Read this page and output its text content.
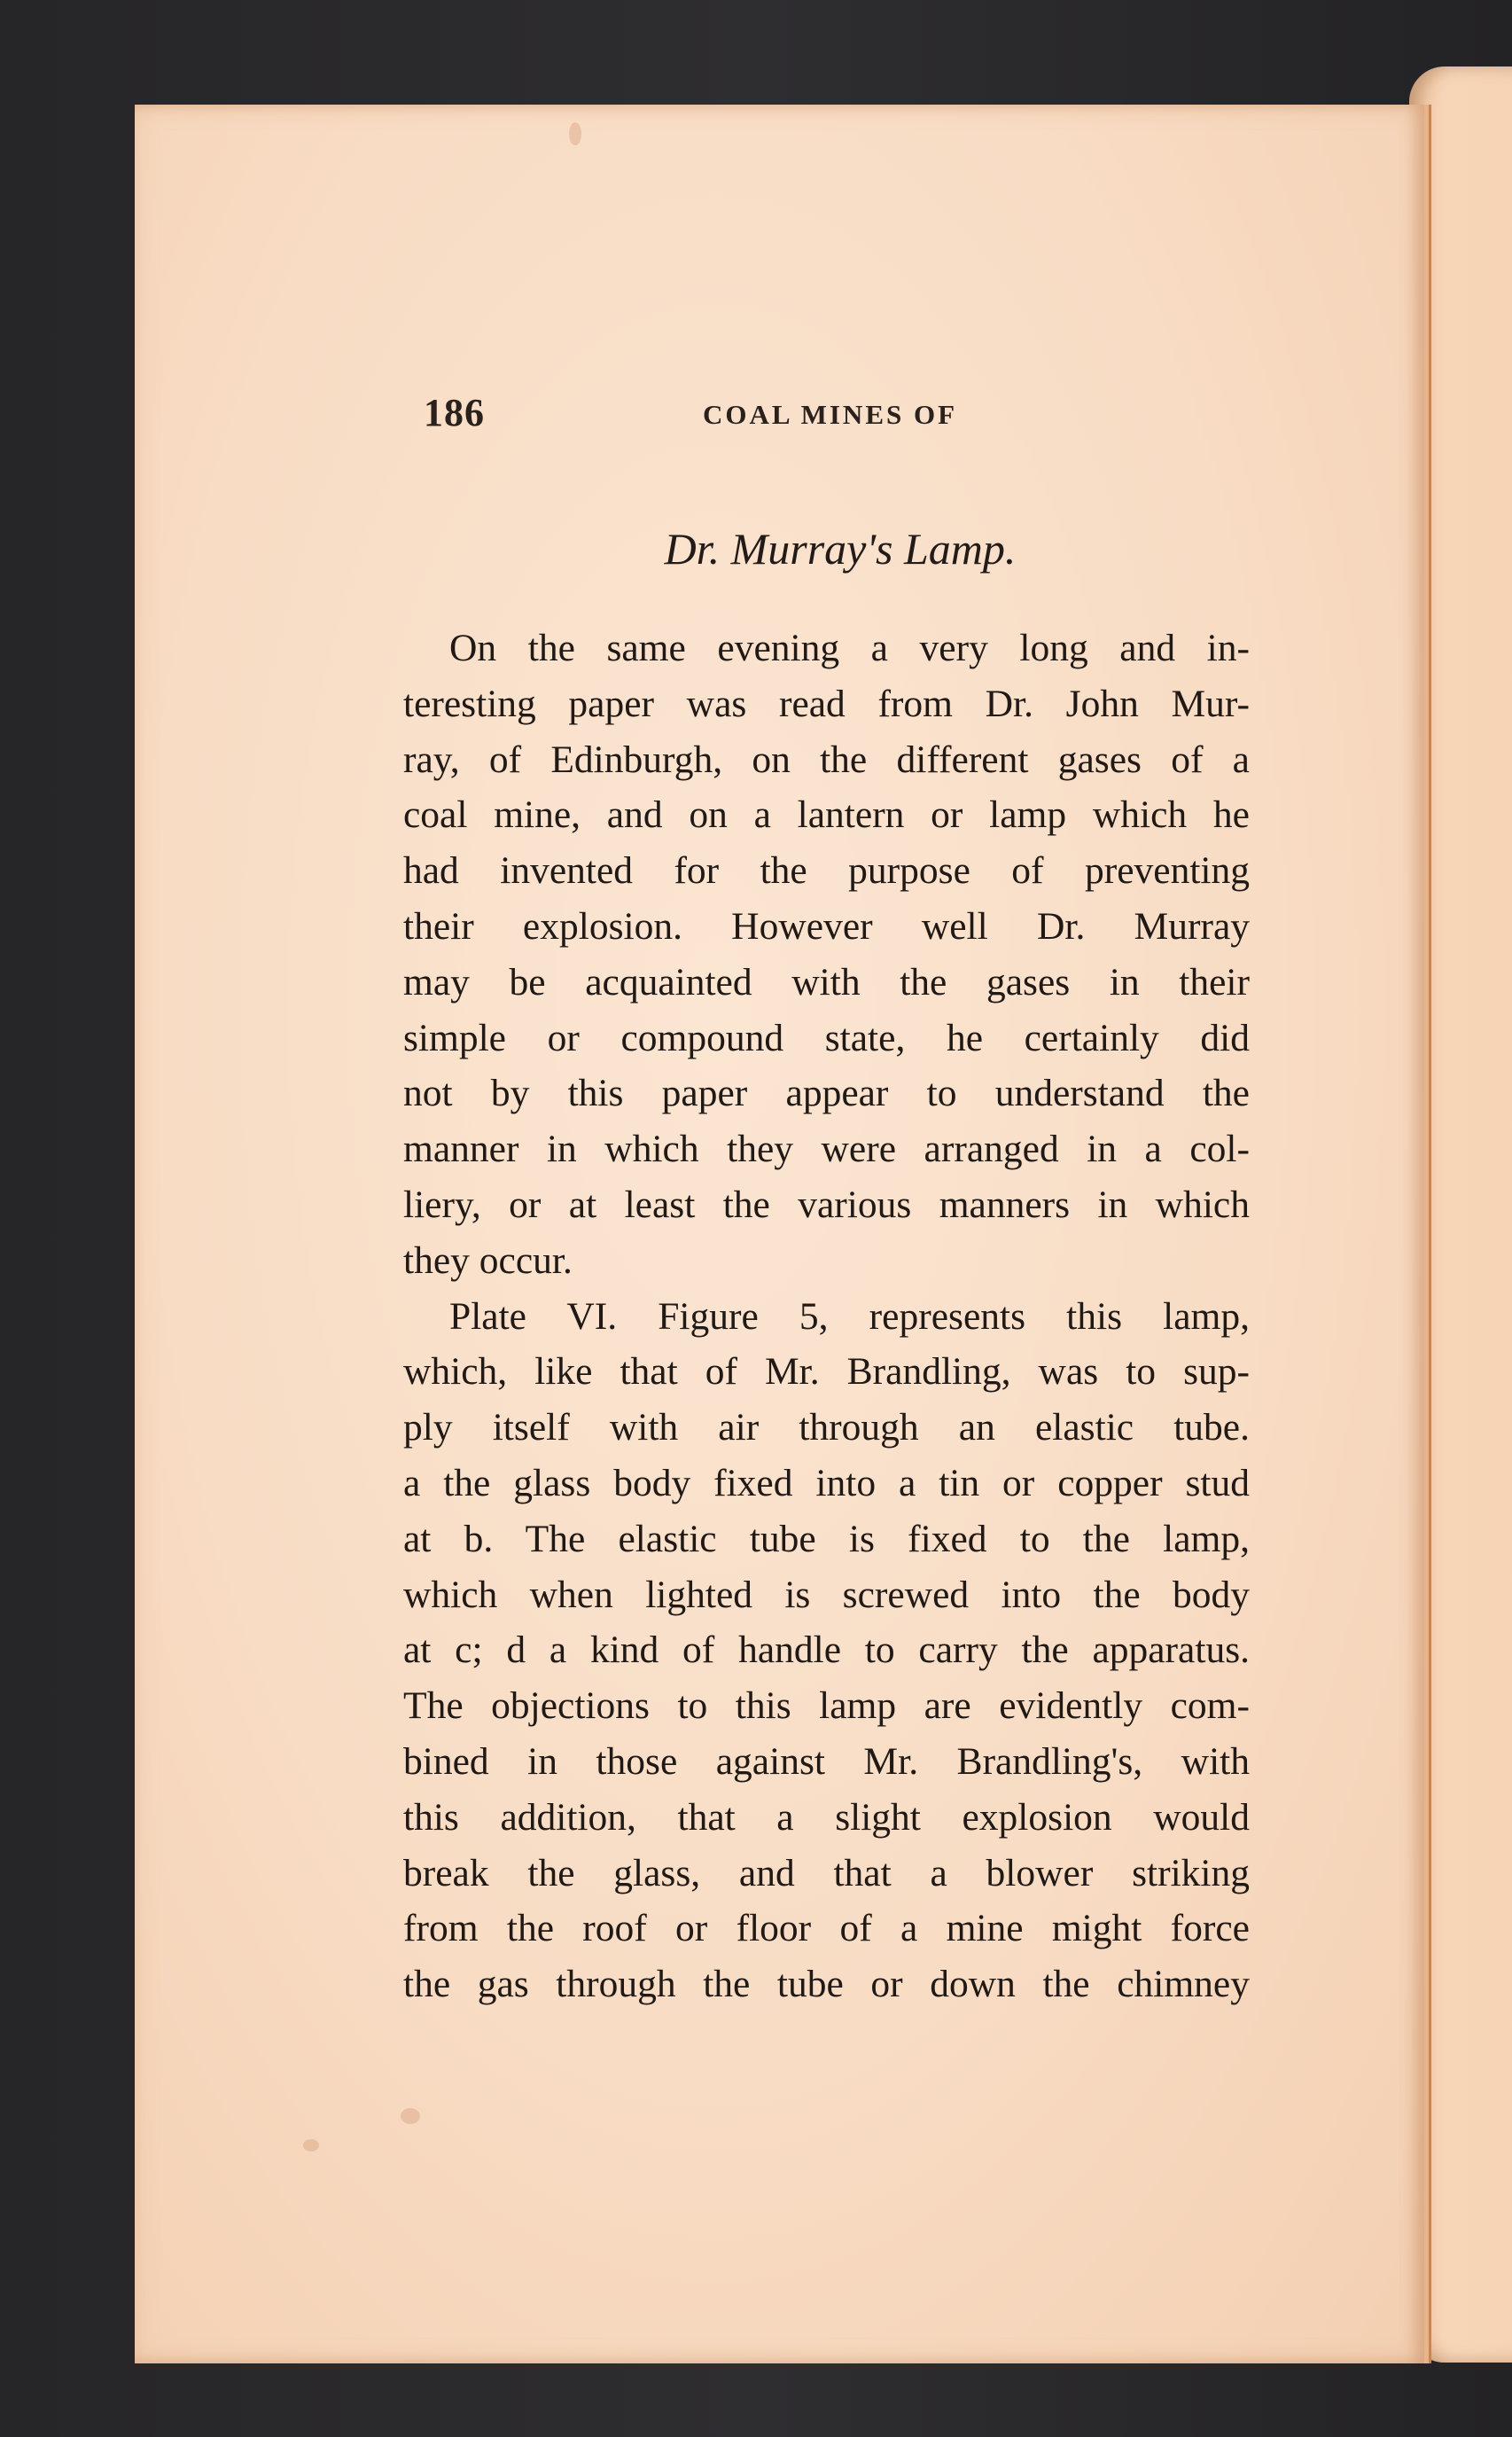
186	COAL MINES OF
Dr. Murray's Lamp.
On the same evening a very long and in-
teresting paper was read from Dr. John Mur-
ray, of Edinburgh, on the different gases of a
coal mine, and on a lantern or lamp which he
had invented for the purpose of preventing
their explosion. However well Dr. Murray
may be acquainted with the gases in their
simple or compound state, he certainly did
not by this paper appear to understand the
manner in which they were arranged in a col-
liery, or at least the various manners in which
they occur.
Plate VI. Figure 5, represents this lamp,
which, like that of Mr. Brandling, was to sup-
ply itself with air through an elastic tube.
a the glass body fixed into a tin or copper stud
at b. The elastic tube is fixed to the lamp,
which when lighted is screwed into the body
at c; d a kind of handle to carry the apparatus.
The objections to this lamp are evidently com-
bined in those against Mr. Brandling's, with
this addition, that a slight explosion would
break the glass, and that a blower striking
from the roof or floor of a mine might force
the gas through the tube or down the chimney
